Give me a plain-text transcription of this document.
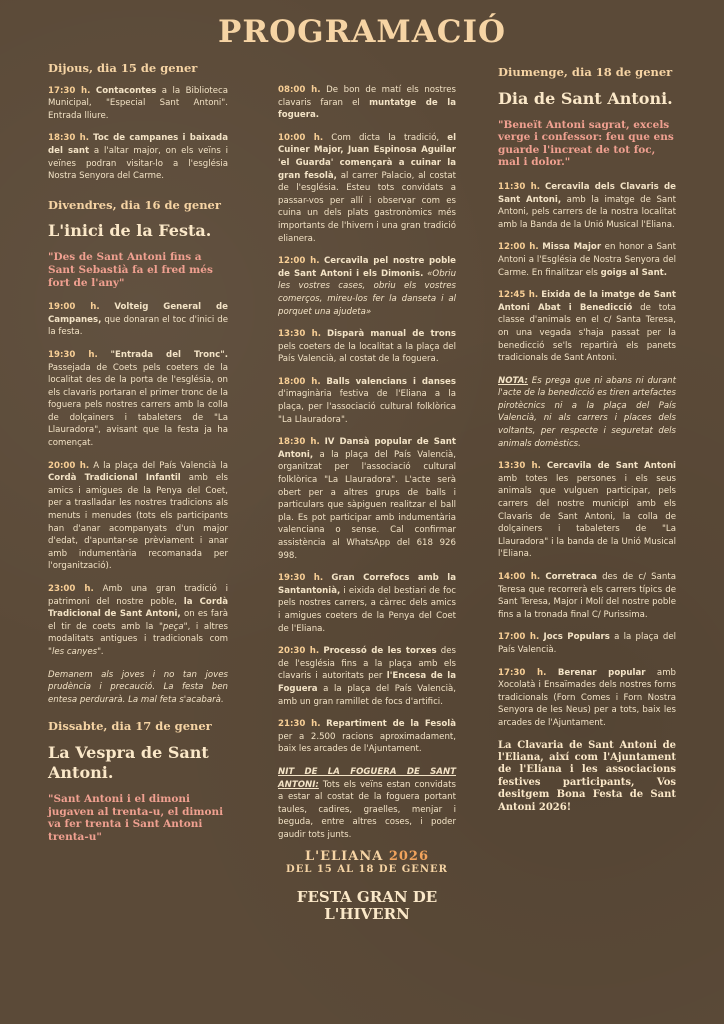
PROGRAMACIÓ
Dijous, dia 15 de gener

17:30 h. Contacontes a la Biblioteca Municipal, "Especial Sant Antoni". Entrada lliure.

18:30 h. Toc de campanes i baixada del sant a l'altar major, on els veïns i veïnes podran visitar-lo a l'església Nostra Senyora del Carme.

Divendres, dia 16 de gener
L'inici de la Festa.
"Des de Sant Antoni fins a Sant Sebastià fa el fred més fort de l'any"

19:00 h. Volteig General de Campanes, que donaran el toc d'inici de la festa.

19:30 h. "Entrada del Tronc". Passejada de Coets pels coeters de la localitat des de la porta de l'església, on els clavaris portaran el primer tronc de la foguera pels nostres carrers amb la colla de dolçainers i tabaleters de "La Llauradora", avisant que la festa ja ha començat.

20:00 h. A la plaça del País Valencià la Cordà Tradicional Infantil amb els amics i amigues de la Penya del Coet, per a traslladar les nostres tradicions als menuts i menudes (tots els participants han d'anar acompanyats d'un major d'edat, d'apuntar-se prèviament i anar amb indumentària recomanada per l'organització).

23:00 h. Amb una gran tradició i patrimoni del nostre poble, la Cordà Tradicional de Sant Antoni, on es farà el tir de coets amb la "peça", i altres modalitats antigues i tradicionals com "les canyes".

Demanem als joves i no tan joves prudència i precaució. La festa ben entesa perdurarà. La mal feta s'acabarà.

Dissabte, dia 17 de gener
La Vespra de Sant Antoni.
"Sant Antoni i el dimoni jugaven al trenta-u, el dimoni va fer trenta i Sant Antoni trenta-u"

08:00 h. De bon de matí els nostres clavaris faran el muntatge de la foguera.

10:00 h. Com dicta la tradició, el Cuiner Major, Juan Espinosa Aguilar 'el Guarda' començarà a cuinar la gran fesolà, al carrer Palacio, al costat de l'església. Esteu tots convidats a passar-vos per allí i observar com es cuina un dels plats gastronòmics més importants de l'hivern i una gran tradició elianera.

12:00 h. Cercavila pel nostre poble de Sant Antoni i els Dimonis. «Obriu les vostres cases, obriu els vostres comerços, mireu-los fer la danseta i al porquet una ajudeta»

13:30 h. Disparà manual de trons pels coeters de la localitat a la plaça del País Valencià, al costat de la foguera.

18:00 h. Balls valencians i danses d'imaginària festiva de l'Eliana a la plaça, per l'associació cultural folklòrica "La Llauradora".

18:30 h. IV Dansà popular de Sant Antoni, a la plaça del País Valencià, organitzat per l'associació cultural folklòrica "La Llauradora". L'acte serà obert per a altres grups de balls i particulars que sàpiguen realitzar el ball pla. Es pot participar amb indumentària valenciana o sense. Cal confirmar assistència al WhatsApp del 618 926 998.

19:30 h. Gran Correfocs amb la Santantonià, i eixida del bestiari de foc pels nostres carrers, a càrrec dels amics i amigues coeters de la Penya del Coet de l'Eliana.

20:30 h. Processó de les torxes des de l'església fins a la plaça amb els clavaris i autoritats per l'Encesa de la Foguera a la plaça del País Valencià, amb un gran ramillet de focs d'artifici.

21:30 h. Repartiment de la Fesolà per a 2.500 racions aproximadament, baix les arcades de l'Ajuntament.

NIT DE LA FOGUERA DE SANT ANTONI: Tots els veïns estan convidats a estar al costat de la foguera portant taules, cadires, graelles, menjar i beguda, entre altres coses, i poder gaudir tots junts.

L'ELIANA 2026
DEL 15 AL 18 DE GENER
FESTA GRAN DE L'HIVERN
Diumenge, dia 18 de gener
Dia de Sant Antoni.
"Beneït Antoni sagrat, excels verge i confessor: feu que ens guarde l'increat de tot foc, mal i dolor."

11:30 h. Cercavila dels Clavaris de Sant Antoni, amb la imatge de Sant Antoni, pels carrers de la nostra localitat amb la Banda de la Unió Musical l'Eliana.

12:00 h. Missa Major en honor a Sant Antoni a l'Església de Nostra Senyora del Carme. En finalitzar els goigs al Sant.

12:45 h. Eixida de la imatge de Sant Antoni Abat i Benedicció de tota classe d'animals en el c/ Santa Teresa, on una vegada s'haja passat per la benedicció se'ls repartirà els panets tradicionals de Sant Antoni.

NOTA: Es prega que ni abans ni durant l'acte de la benedicció es tiren artefactes pirotècnics ni a la plaça del País Valencià, ni als carrers i places dels voltants, per respecte i seguretat dels animals domèstics.

13:30 h. Cercavila de Sant Antoni amb totes les persones i els seus animals que vulguen participar, pels carrers del nostre municipi amb els Clavaris de Sant Antoni, la colla de dolçainers i tabaleters de "La Llauradora" i la banda de la Unió Musical l'Eliana.

14:00 h. Corretraca des de c/ Santa Teresa que recorrerà els carrers típics de Sant Teresa, Major i Molí del nostre poble fins a la tronada final C/ Purissima.

17:00 h. Jocs Populars a la plaça del País Valencià.

17:30 h. Berenar popular amb Xocolatà i Ensaïmades dels nostres forns tradicionals (Forn Comes i Forn Nostra Senyora de les Neus) per a tots, baix les arcades de l'Ajuntament.

La Clavaria de Sant Antoni de l'Eliana, així com l'Ajuntament de l'Eliana i les associacions festives participants, Vos desitgem Bona Festa de Sant Antoni 2026!
